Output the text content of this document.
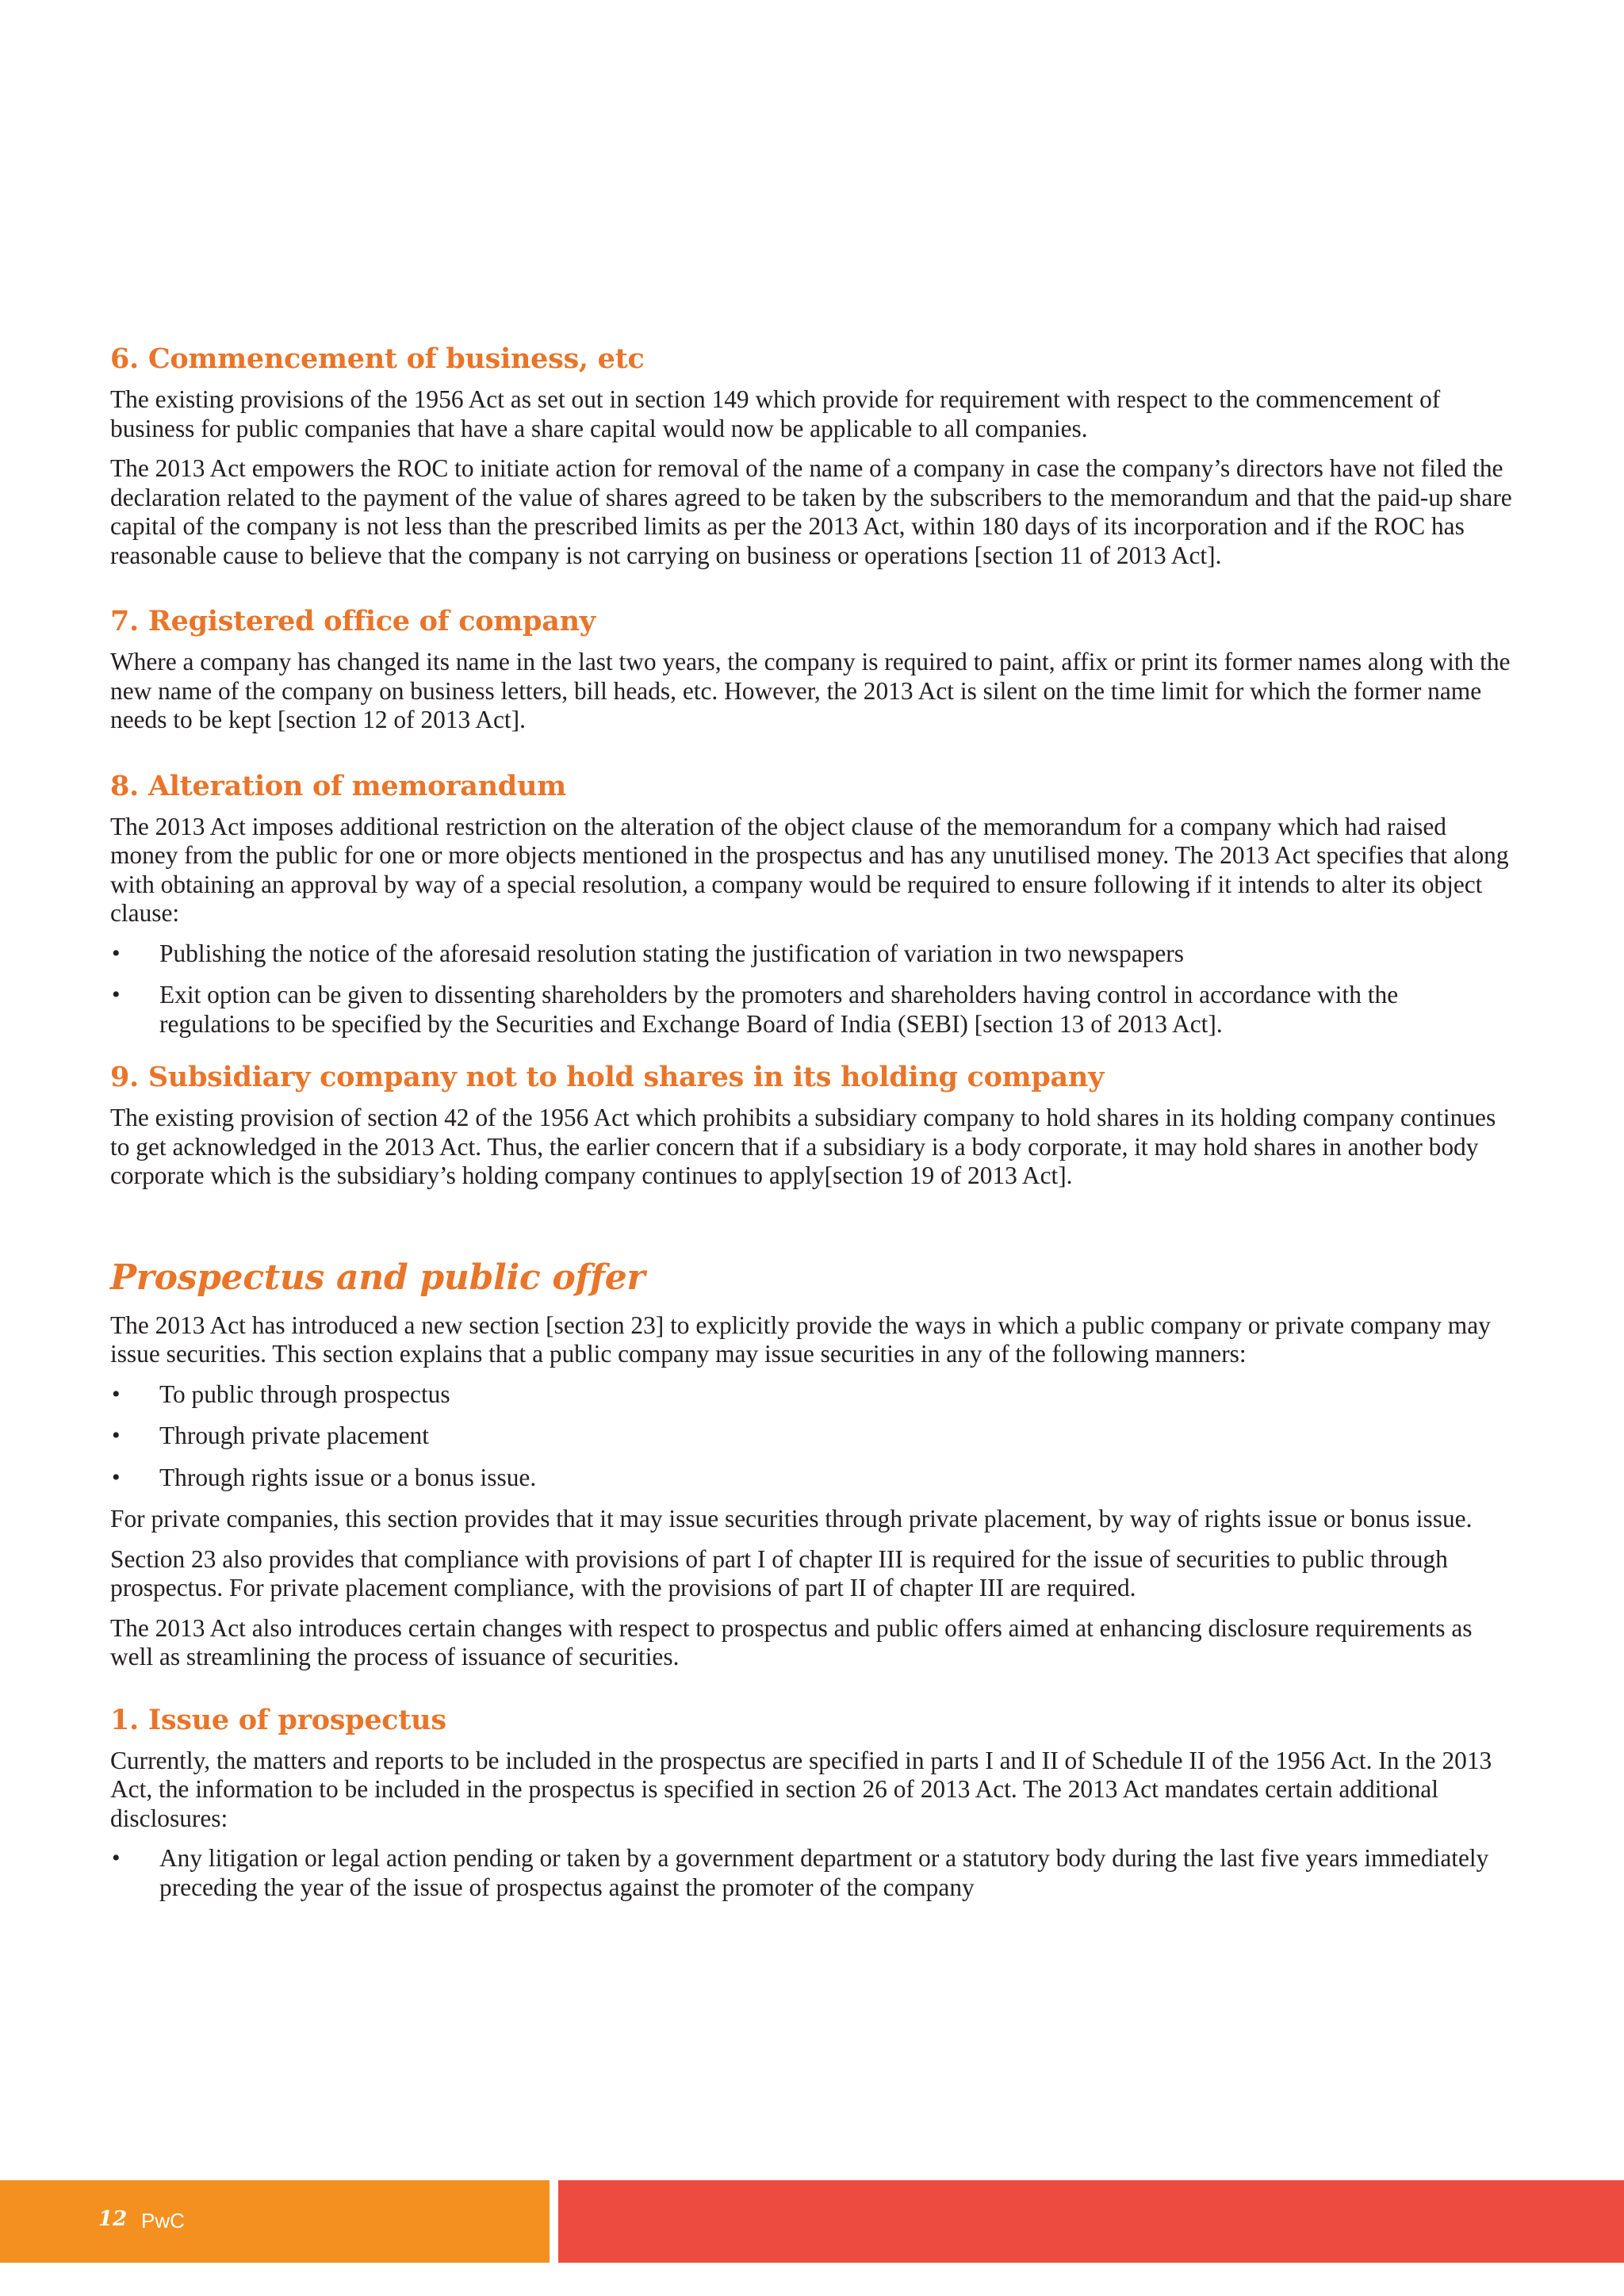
6. Commencement of business, etc

The existing provisions of the 1956 Act as set out in section 149 which provide for requirement with respect to the commencement of business for public companies that have a share capital would now be applicable to all companies.

The 2013 Act empowers the ROC to initiate action for removal of the name of a company in case the company’s directors have not filed the declaration related to the payment of the value of shares agreed to be taken by the subscribers to the memorandum and that the paid-up share capital of the company is not less than the prescribed limits as per the 2013 Act, within 180 days of its incorporation and if the ROC has reasonable cause to believe that the company is not carrying on business or operations [section 11 of 2013 Act].

7. Registered office of company

Where a company has changed its name in the last two years, the company is required to paint, affix or print its former names along with the new name of the company on business letters, bill heads, etc. However, the 2013 Act is silent on the time limit for which the former name needs to be kept [section 12 of 2013 Act].

8. Alteration of memorandum

The 2013 Act imposes additional restriction on the alteration of the object clause of the memorandum for a company which had raised money from the public for one or more objects mentioned in the prospectus and has any unutilised money. The 2013 Act specifies that along with obtaining an approval by way of a special resolution, a company would be required to ensure following if it intends to alter its object clause:

• Publishing the notice of the aforesaid resolution stating the justification of variation in two newspapers
• Exit option can be given to dissenting shareholders by the promoters and shareholders having control in accordance with the regulations to be specified by the Securities and Exchange Board of India (SEBI) [section 13 of 2013 Act].
9. Subsidiary company not to hold shares in its holding company

The existing provision of section 42 of the 1956 Act which prohibits a subsidiary company to hold shares in its holding company continues to get acknowledged in the 2013 Act. Thus, the earlier concern that if a subsidiary is a body corporate, it may hold shares in another body corporate which is the subsidiary’s holding company continues to apply[section 19 of 2013 Act].

Prospectus and public offer

The 2013 Act has introduced a new section [section 23] to explicitly provide the ways in which a public company or private company may issue securities. This section explains that a public company may issue securities in any of the following manners:

• To public through prospectus
• Through private placement
• Through rights issue or a bonus issue.

For private companies, this section provides that it may issue securities through private placement, by way of rights issue or bonus issue.

Section 23 also provides that compliance with provisions of part I of chapter III is required for the issue of securities to public through prospectus. For private placement compliance, with the provisions of part II of chapter III are required.

The 2013 Act also introduces certain changes with respect to prospectus and public offers aimed at enhancing disclosure requirements as well as streamlining the process of issuance of securities.

1. Issue of prospectus

Currently, the matters and reports to be included in the prospectus are specified in parts I and II of Schedule II of the 1956 Act. In the 2013 Act, the information to be included in the prospectus is specified in section 26 of 2013 Act. The 2013 Act mandates certain additional disclosures:

• Any litigation or legal action pending or taken by a government department or a statutory body during the last five years immediately preceding the year of the issue of prospectus against the promoter of the company
12 PwC
